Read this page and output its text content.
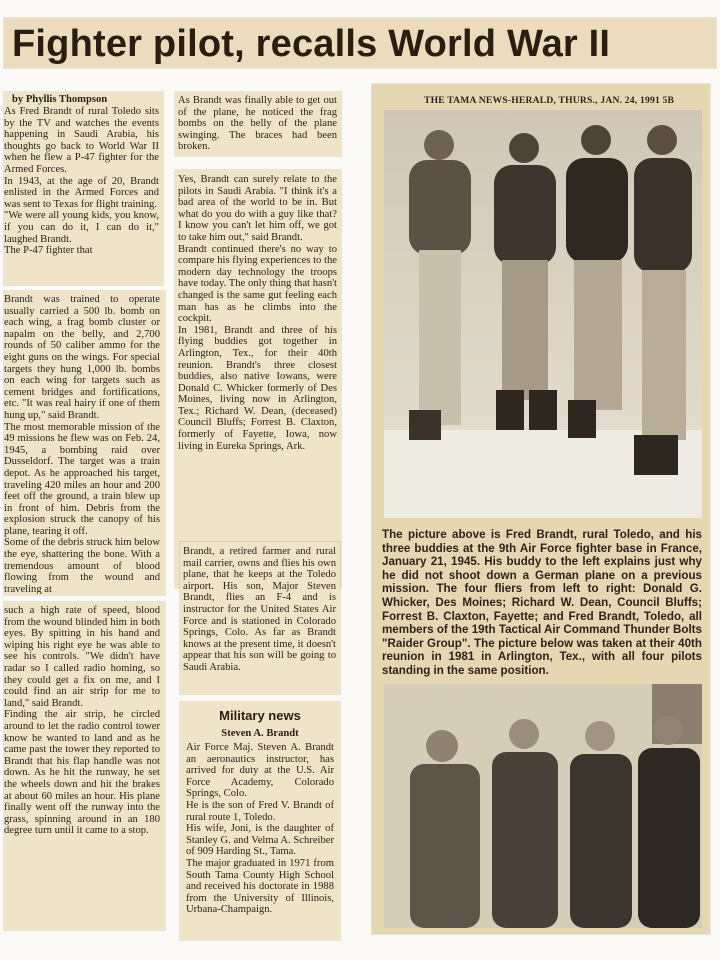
Fighter pilot, recalls World War II

by Phyllis Thompson

As Fred Brandt of rural Toledo sits by the TV and watches the events happening in Saudi Arabia, his thoughts go back to World War II when he flew a P-47 fighter for the Armed Forces.
In 1943, at the age of 20, Brandt enlisted in the Armed Forces and was sent to Texas for flight training.
"We were all young kids, you know, if you can do it, I can do it," laughed Brandt.
The P-47 fighter that

Brandt was trained to operate usually carried a 500 lb. bomb on each wing, a frag bomb cluster or napalm on the belly, and 2,700 rounds of 50 caliber ammo for the eight guns on the wings. For special targets they hung 1,000 lb. bombs on each wing for targets such as cement bridges and fortifications, etc. "It was real hairy if one of them hung up," said Brandt.
The most memorable mission of the 49 missions he flew was on Feb. 24, 1945, a bombing raid over Dusseldorf. The target was a train depot. As he approached his target, traveling 420 miles an hour and 200 feet off the ground, a train blew up in front of him. Debris from the explosion struck the canopy of his plane, tearing it off.
Some of the debris struck him below the eye, shattering the bone. With a tremendous amount of blood flowing from the wound and traveling at

such a high rate of speed, blood from the wound blinded him in both eyes. By spitting in his hand and wiping his right eye he was able to see his controls. "We didn't have radar so I called radio homing, so they could get a fix on me, and I could find an air strip for me to land," said Brandt.
Finding the air strip, he circled around to let the radio control tower know he wanted to land and as he came past the tower they reported to Brandt that his flap handle was not down. As he hit the runway, he set the wheels down and hit the brakes at about 60 miles an hour. His plane finally went off the runway into the grass, spinning around in an 180 degree turn until it came to a stop.

As Brandt was finally able to get out of the plane, he noticed the frag bombs on the belly of the plane swinging. The braces had been broken.

Yes, Brandt can surely relate to the pilots in Saudi Arabia. "I think it's a bad area of the world to be in. But what do you do with a guy like that? I know you can't let him off, we got to take him out," said Brandt.
Brandt continued there's no way to compare his flying experiences to the modern day technology the troops have today. The only thing that hasn't changed is the same gut feeling each man has as he climbs into the cockpit.
In 1981, Brandt and three of his flying buddies got together in Arlington, Tex., for their 40th reunion. Brandt's three closest buddies, also native Iowans, were Donald C. Whicker formerly of Des Moines, living now in Arlington, Tex.; Richard W. Dean, (deceased) Council Bluffs; Forrest B. Claxton, formerly of Fayette, Iowa, now living in Eureka Springs, Ark.

Brandt, a retired farmer and rural mail carrier, owns and flies his own plane, that he keeps at the Toledo airport. His son, Major Steven Brandt, flies an F-4 and is instructor for the United States Air Force and is stationed in Colorado Springs, Colo. As far as Brandt knows at the present time, it doesn't appear that his son will be going to Saudi Arabia.

Military news
Steven A. Brandt

Air Force Maj. Steven A. Brandt an aeronautics instructor, has arrived for duty at the U.S. Air Force Academy, Colorado Springs, Colo.
He is the son of Fred V. Brandt of rural route 1, Toledo.
His wife, Joni, is the daughter of Stanley G. and Velma A. Schreiber of 909 Harding St., Tama.
The major graduated in 1971 from South Tama County High School and received his doctorate in 1988 from the University of Illinois, Urbana-Champaign.

THE TAMA NEWS-HERALD, THURS., JAN. 24, 1991 5B

The picture above is Fred Brandt, rural Toledo, and his three buddies at the 9th Air Force fighter base in France, January 21, 1945. His buddy to the left explains just why he did not shoot down a German plane on a previous mission. The four fliers from left to right: Donald G. Whicker, Des Moines; Richard W. Dean, Council Bluffs; Forrest B. Claxton, Fayette; and Fred Brandt, Toledo, all members of the 19th Tactical Air Command Thunder Bolts "Raider Group". The picture below was taken at their 40th reunion in 1981 in Arlington, Tex., with all four pilots standing in the same position.
